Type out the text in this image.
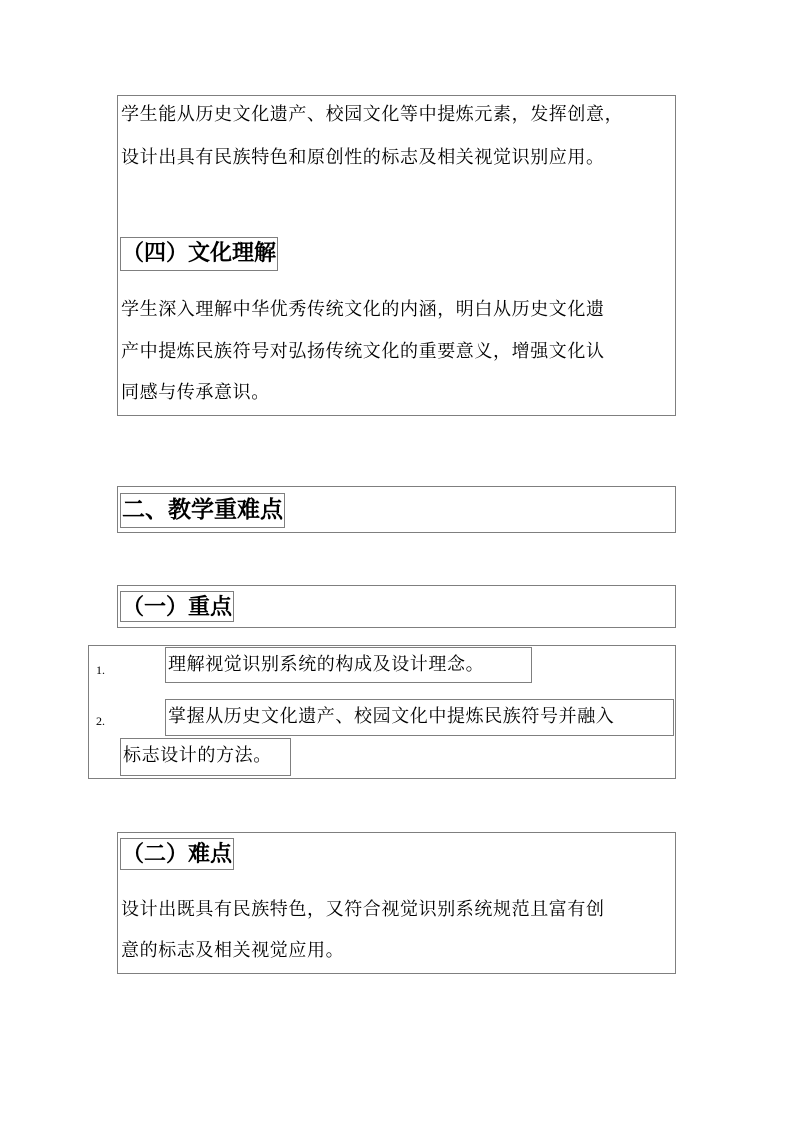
学生能从历史文化遗产、校园文化等中提炼元素，发挥创意，

设计出具有民族特色和原创性的标志及相关视觉识别应用。

（四）文化理解

学生深入理解中华优秀传统文化的内涵，明白从历史文化遗

产中提炼民族符号对弘扬传统文化的重要意义，增强文化认

同感与传承意识。

二、教学重难点
（一）重点
1.	理解视觉识别系统的构成及设计理念。
2.	掌握从历史文化遗产、校园文化中提炼民族符号并融入
标志设计的方法。
（二）难点

设计出既具有民族特色，又符合视觉识别系统规范且富有创

意的标志及相关视觉应用。
